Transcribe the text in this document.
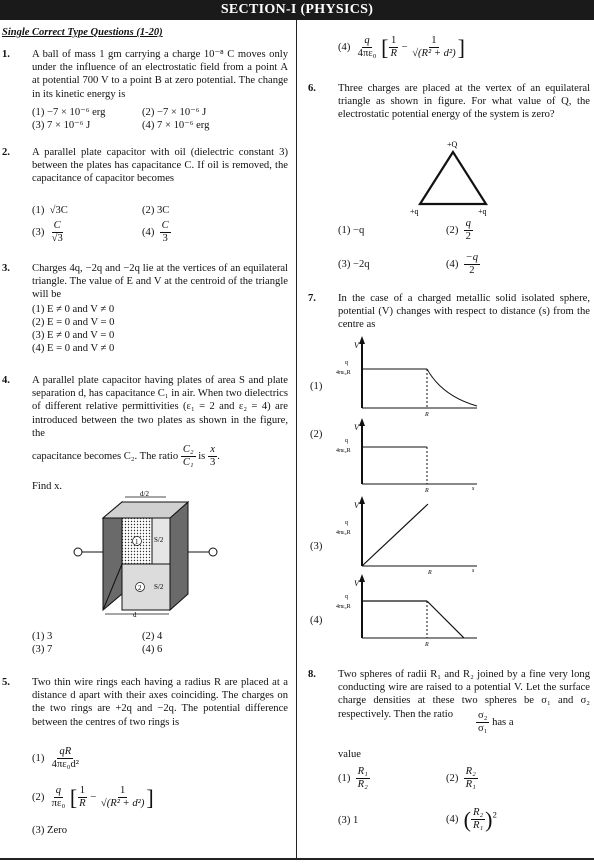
SECTION-I (PHYSICS)
Single Correct Type Questions (1-20)
1. A ball of mass 1 gm carrying a charge 10⁻⁸ C moves only under the influence of an electrostatic field from a point A at potential 700 V to a point B at zero potential. The change in its kinetic energy is
(1) −7 × 10⁻⁶ erg	(2) −7 × 10⁻⁶ J
(3) 7 × 10⁻⁶ J	(4) 7 × 10⁻⁶ erg
2. A parallel plate capacitor with oil (dielectric constant 3) between the plates has capacitance C. If oil is removed, the capacitance of capacitor becomes
(1) √3C	(2) 3C
$(3) \frac{C}{√3}$	$(4) \frac{C}{3}$
3. Charges 4q, −2q and −2q lie at the vertices of an equilateral triangle. The value of E and V at the centroid of the triangle will be
(1) E ≠ 0 and V ≠ 0
(2) E = 0 and V = 0
(3) E ≠ 0 and V = 0
(4) E = 0 and V ≠ 0
4. A parallel plate capacitor having plates of area S and plate separation d, has capacitance C₁ in air. When two dielectrics of different relative permittivities (ε₁ = 2 and ε₂ = 4) are introduced between the two plates as shown in the figure, the
capacitance becomes C₂. The ratio $\frac{\text{C₂}}{\text{C₁}}$ is $\frac{x}{3}$ .
Find x.
d/2
S/2
S/2
1
2
d
(1) 3	(2) 4
(3) 7	(4) 6
5. Two thin wire rings each having a radius R are placed at a distance d apart with their axes coinciding. The charges on the two rings are +2q and −2q. The potential difference between the centres of two rings is
$(1) \frac{qR}{\text{4πε₀d²}}$
$(2) \frac{q}{\text{πε₀}}$ [ $\frac{1}{R} - \frac{1}{\text{√(R² + d²)}}$ ]
(3) Zero
$(4) \frac{q}{\text{4πε₀}}$ [ $\frac{1}{R} - \frac{1}{\text{√(R² + d²)}}$ ]
6. Three charges are placed at the vertex of an equilateral triangle as shown in figure. For what value of Q, the electrostatic potential energy of the system is zero?
+Q
+q	+q
(1) −q	$(2) \frac{q}{2}$
(3) −2q	$(4) \frac{-q}{2}$
7. In the case of a charged metallic solid isolated sphere, potential (V) changes with respect to distance (s) from the centre as
(1)
V
q
4πε₀R
R
(2)
V
q
4πε₀R
R	s
(3)
V
q
4πε₀R
R	s
(4)
V
q
4πε₀R
R
8. Two spheres of radii R₁ and R₂ joined by a fine very long conducting wire are raised to a potential V. Let the surface charge densities at these two spheres be σ₁ and σ₂ respectively. Then the ratio	$\frac{\text{σ₂}}{\text{σ₁}}$ has a
value
$(1) \frac{\text{R₁}}{\text{R₂}}$	$(2) \frac{\text{R₂}}{\text{R₁}}$
(3) 1	(4) ( $\frac{\text{R₂}}{\text{R₁}} )^2$
